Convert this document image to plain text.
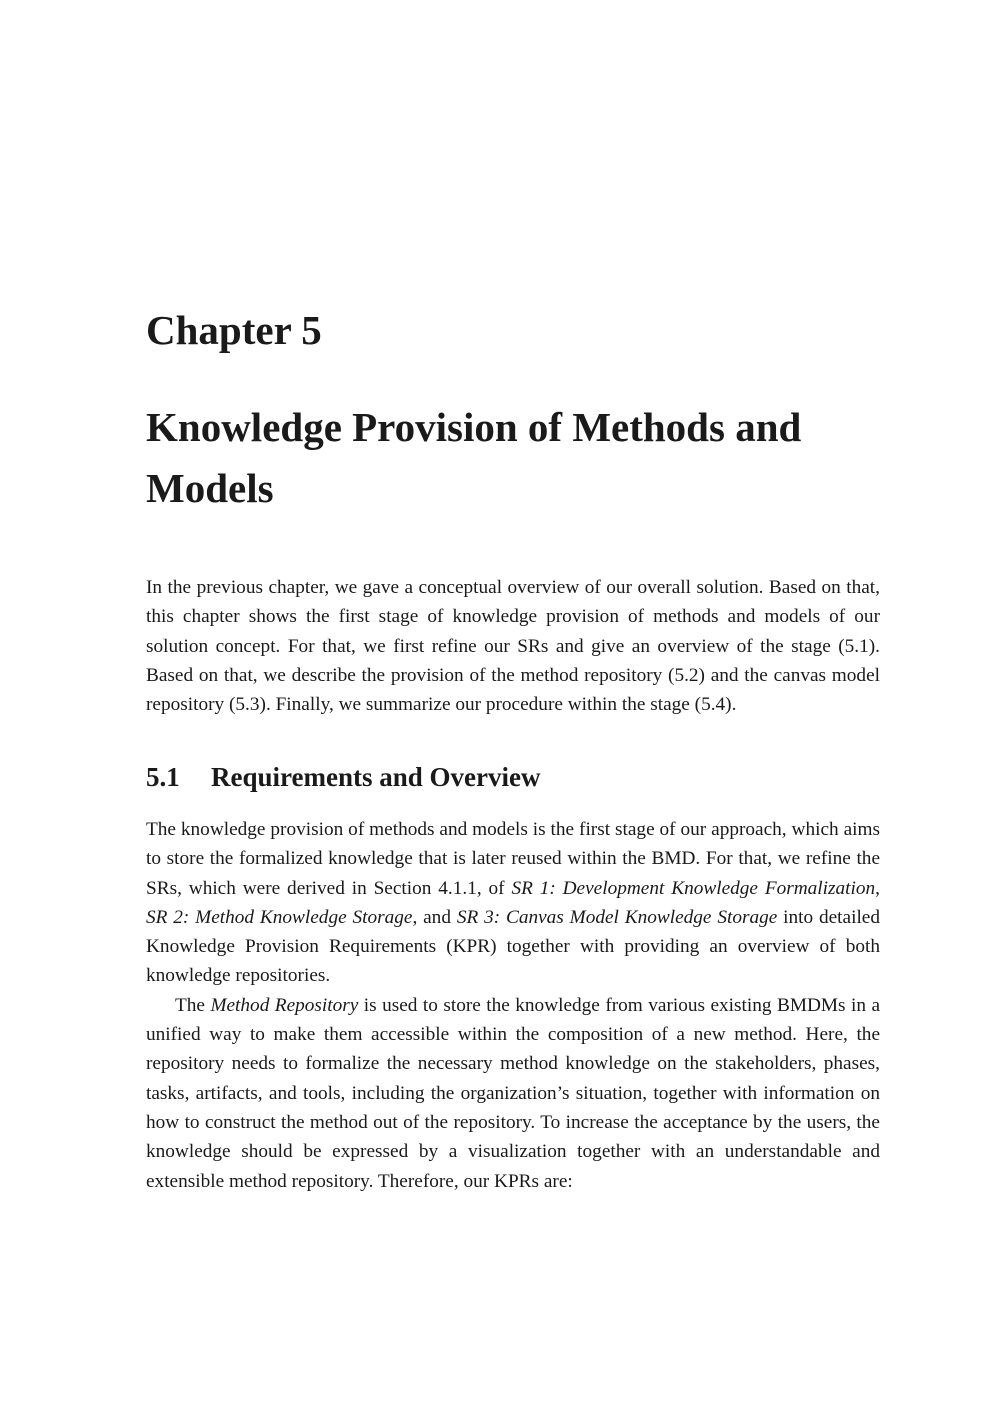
Chapter 5
Knowledge Provision of Methods and Models

In the previous chapter, we gave a conceptual overview of our overall solution. Based on that, this chapter shows the first stage of knowledge provision of methods and models of our solution concept. For that, we first refine our SRs and give an overview of the stage (5.1). Based on that, we describe the provision of the method repository (5.2) and the canvas model repository (5.3). Finally, we summarize our procedure within the stage (5.4).

5.1 Requirements and Overview

The knowledge provision of methods and models is the first stage of our approach, which aims to store the formalized knowledge that is later reused within the BMD. For that, we refine the SRs, which were derived in Section 4.1.1, of SR 1: Development Knowledge Formalization, SR 2: Method Knowledge Storage, and SR 3: Canvas Model Knowledge Storage into detailed Knowledge Provision Requirements (KPR) together with providing an overview of both knowledge repositories.

The Method Repository is used to store the knowledge from various existing BMDMs in a unified way to make them accessible within the composition of a new method. Here, the repository needs to formalize the necessary method knowledge on the stakeholders, phases, tasks, artifacts, and tools, including the organization’s situation, together with information on how to construct the method out of the repository. To increase the acceptance by the users, the knowledge should be expressed by a visualization together with an understandable and extensible method repository. Therefore, our KPRs are:
